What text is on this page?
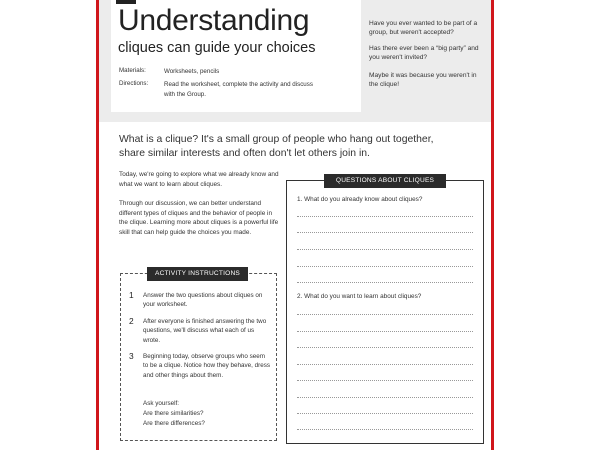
Understanding
cliques can guide your choices
Materials:	Worksheets, pencils
Directions:	Read the worksheet, complete the activity and discuss with the Group.
Have you ever wanted to be part of a group, but weren't accepted?
Has there ever been a “big party” and you weren't invited?
Maybe it was because you weren't in the clique!
What is a clique? It's a small group of people who hang out together, share similar interests and often don't let others join in.
Today, we're going to explore what we already know and what we want to learn about cliques.
Through our discussion, we can better understand different types of cliques and the behavior of people in the clique. Learning more about cliques is a powerful life skill that can help guide the choices you made.
ACTIVITY INSTRUCTIONS
1 Answer the two questions about cliques on your worksheet.
2 After everyone is finished answering the two questions, we'll discuss what each of us wrote.
3 Beginning today, observe groups who seem to be a clique. Notice how they behave, dress and other things about them.
Ask yourself:
Are there similarities?
Are there differences?
QUESTIONS ABOUT CLIQUES
1. What do you already know about cliques?
2. What do you want to learn about cliques?
